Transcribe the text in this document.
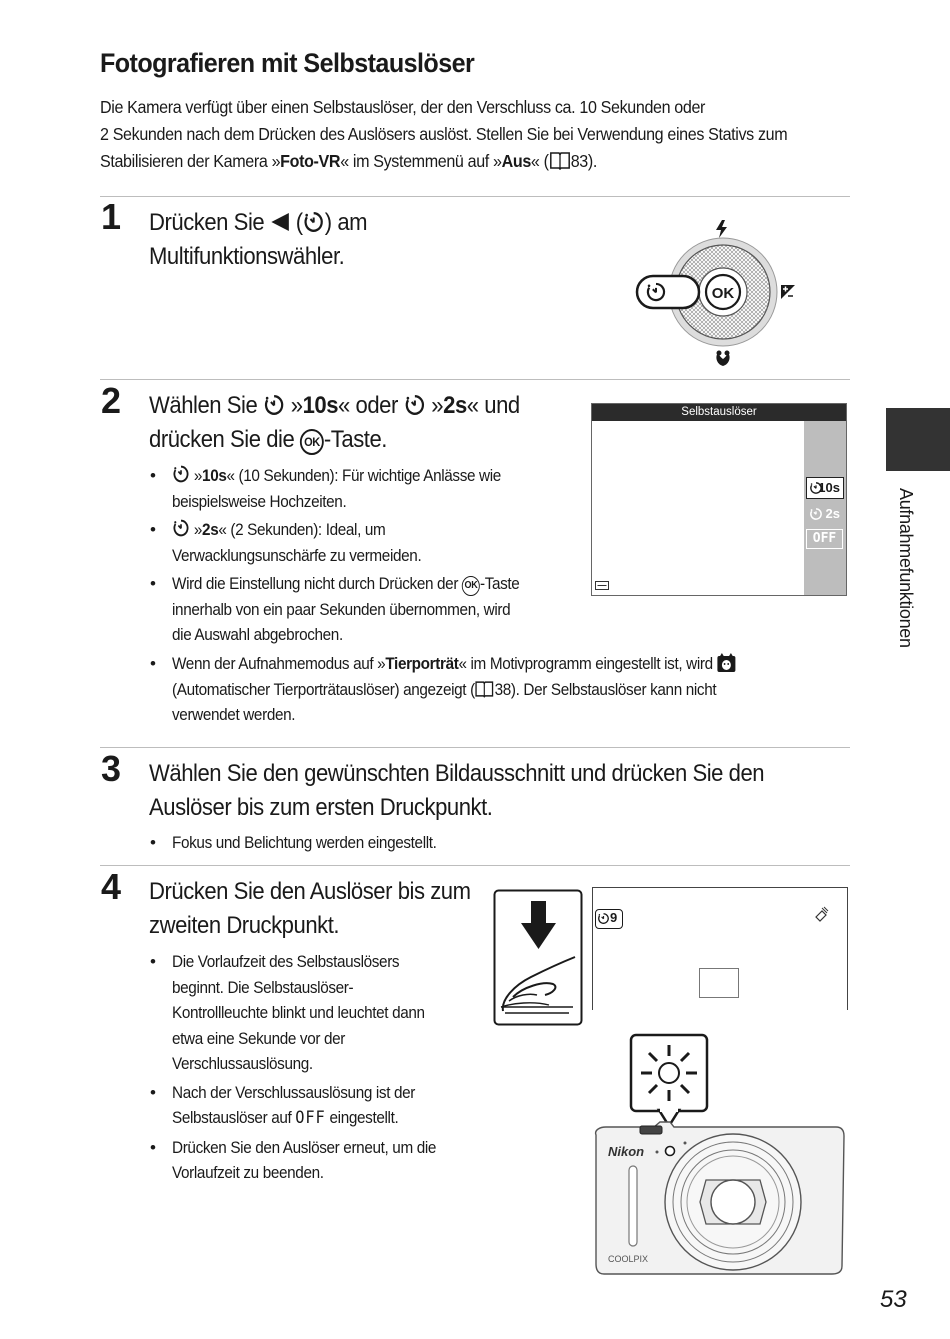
Fotografieren mit Selbstauslöser
Die Kamera verfügt über einen Selbstauslöser, der den Verschluss ca. 10 Sekunden oder
2 Sekunden nach dem Drücken des Auslösers auslöst. Stellen Sie bei Verwendung eines Stativs zum
Stabilisieren der Kamera »Foto-VR« im Systemmenü auf »Aus« ( 83).
1 Drücken Sie  ( ) am
Multifunktionswähler.
OK
2 Wählen Sie  »10s« oder  »2s« und
drücken Sie die OK -Taste.
• »10s« (10 Sekunden): Für wichtige Anlässe wie
beispielsweise Hochzeiten.
• »2s« (2 Sekunden): Ideal, um
Verwacklungsunschärfe zu vermeiden.
• Wird die Einstellung nicht durch Drücken der OK -Taste
innerhalb von ein paar Sekunden übernommen, wird
die Auswahl abgebrochen.
• Wenn der Aufnahmemodus auf »Tierporträt« im Motivprogramm eingestellt ist, wird
(Automatischer Tierporträtauslöser) angezeigt ( 38). Der Selbstauslöser kann nicht
verwendet werden.
Selbstauslöser
10s
2s
OFF
3 Wählen Sie den gewünschten Bildausschnitt und drücken Sie den
Auslöser bis zum ersten Druckpunkt.
• Fokus und Belichtung werden eingestellt.
4 Drücken Sie den Auslöser bis zum
zweiten Druckpunkt.
• Die Vorlaufzeit des Selbstauslösers
beginnt. Die Selbstauslöser-
Kontrollleuchte blinkt und leuchtet dann
etwa eine Sekunde vor der
Verschlussauslösung.
• Nach der Verschlussauslösung ist der
Selbstauslöser auf OFF eingestellt.
• Drücken Sie den Auslöser erneut, um die
Vorlaufzeit zu beenden.
9
Nikon
COOLPIX
Aufnahmefunktionen
53
